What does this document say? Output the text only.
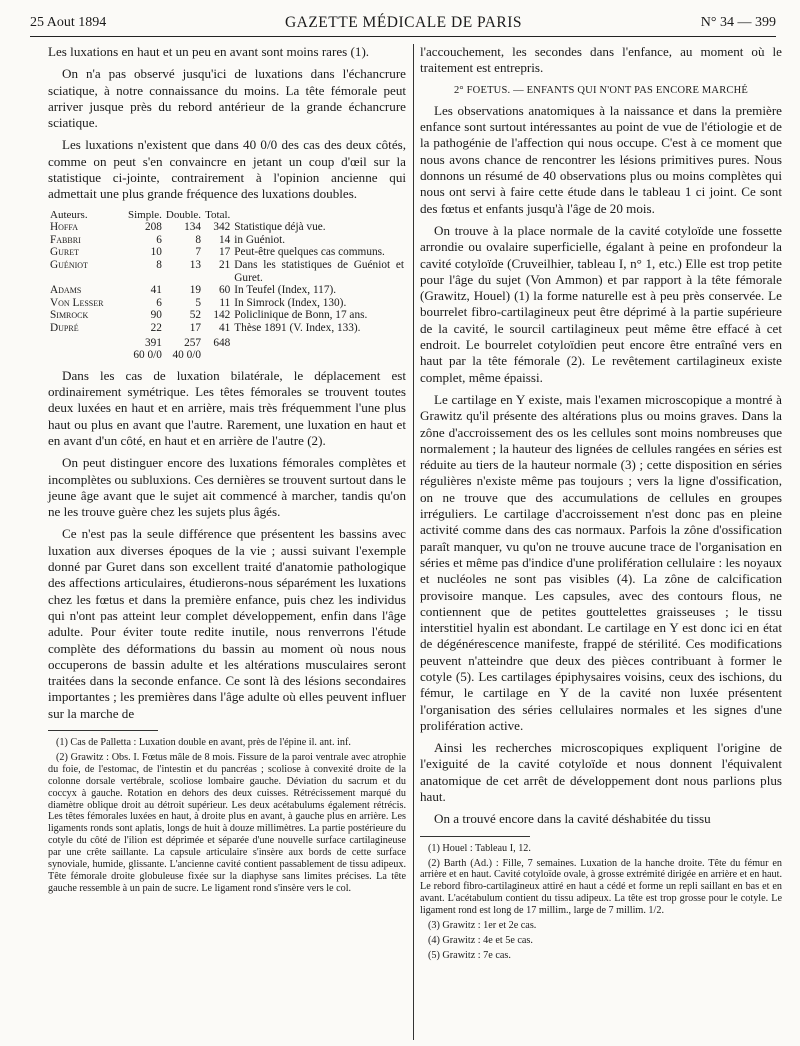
25 Aout 1894	GAZETTE MÉDICALE DE PARIS	N° 34 — 399

Les luxations en haut et un peu en avant sont moins rares (1).

On n'a pas observé jusqu'ici de luxations dans l'échancrure sciatique, à notre connaissance du moins. La tête fémorale peut arriver jusque près du rebord antérieur de la grande échancrure sciatique.

Les luxations n'existent que dans 40 0/0 des cas des deux côtés, comme on peut s'en convaincre en jetant un coup d'œil sur la statistique ci-jointe, contrairement à l'opinion ancienne qui admettait une plus grande fréquence des luxations doubles.

Auteurs.	Simple.	Double.	Total.	
Hoffa	208	134	342	Statistique déjà vue.
Fabbri	6	8	14	in Guéniot.
Guret	10	7	17	Peut-être quelques cas communs.
Guéniot	8	13	21	Dans les statistiques de Guéniot et Guret.
Adams	41	19	60	In Teufel (Index, 117).
Von Lesser	6	5	11	In Simrock (Index, 130).
Simrock	90	52	142	Policlinique de Bonn, 17 ans.
Dupré	22	17	41	Thèse 1891 (V. Index, 133).
	391	257	648	
	60 0/0	40 0/0		

Dans les cas de luxation bilatérale, le déplacement est ordinairement symétrique. Les têtes fémorales se trouvent toutes deux luxées en haut et en arrière, mais très fréquemment l'une plus haut ou plus en avant que l'autre. Rarement, une luxation en haut et en avant d'un côté, en haut et en arrière de l'autre (2).

On peut distinguer encore des luxations fémorales complètes et incomplètes ou subluxions. Ces dernières se trouvent surtout dans le jeune âge avant que le sujet ait commencé à marcher, tandis qu'on ne les trouve guère chez les sujets plus âgés.

Ce n'est pas la seule différence que présentent les bassins avec luxation aux diverses époques de la vie ; aussi suivant l'exemple donné par Guret dans son excellent traité d'anatomie pathologique des affections articulaires, étudierons-nous séparément les luxations chez les fœtus et dans la première enfance, puis chez les individus qui n'ont pas atteint leur complet développement, enfin dans l'âge adulte. Pour éviter toute redite inutile, nous renverrons l'étude complète des déformations du bassin au moment où nous nous occuperons de bassin adulte et les altérations musculaires seront traitées dans la seconde enfance. Ce sont là des lésions secondaires importantes ; les premières dans l'âge adulte où elles peuvent influer sur la marche de

(1) Cas de Palletta : Luxation double en avant, près de l'épine il. ant. inf.

(2) Grawitz : Obs. I. Fœtus mâle de 8 mois. Fissure de la paroi ventrale avec atrophie du foie, de l'estomac, de l'intestin et du pancréas ; scoliose à convexité droite de la colonne dorsale vertébrale, scoliose lombaire gauche. Déviation du sacrum et du coccyx à gauche. Rotation en dehors des deux cuisses. Rétrécissement marqué du diamètre oblique droit au détroit supérieur. Les deux acétabulums également rétrécis. Les têtes fémorales luxées en haut, à droite plus en avant, à gauche plus en arrière. Les ligaments ronds sont aplatis, longs de huit à douze millimètres. La partie postérieure du cotyle du côté de l'ilion est déprimée et séparée d'une nouvelle surface cartilagineuse par une crête saillante. La capsule articulaire s'insère aux bords de cette surface synoviale, humide, glissante. L'ancienne cavité contient passablement de tissu adipeux. Tête fémorale droite globuleuse fixée sur la diaphyse sans limites précises. La tête gauche ressemble à un pain de sucre. Le ligament rond s'insère vers le col.

l'accouchement, les secondes dans l'enfance, au moment où le traitement est entrepris.

2° FOETUS. — ENFANTS QUI N'ONT PAS ENCORE MARCHÉ

Les observations anatomiques à la naissance et dans la première enfance sont surtout intéressantes au point de vue de l'étiologie et de la pathogénie de l'affection qui nous occupe. C'est à ce moment que nous avons chance de rencontrer les lésions primitives pures. Nous donnons un résumé de 40 observations plus ou moins complètes qui nous ont servi à faire cette étude dans le tableau 1 ci joint. Ce sont des fœtus et enfants jusqu'à l'âge de 20 mois.

On trouve à la place normale de la cavité cotyloïde une fossette arrondie ou ovalaire superficielle, égalant à peine en profondeur la cavité cotyloïde (Cruveilhier, tableau I, n° 1, etc.) Elle est trop petite pour l'âge du sujet (Von Ammon) et par rapport à la tête fémorale (Grawitz, Houel) (1) la forme naturelle est à peu près conservée. Le bourrelet fibro-cartilagineux peut être déprimé à la partie supérieure de la cavité, le sourcil cartilagineux peut même être effacé à cet endroit. Le bourrelet cotyloïdien peut encore être entraîné vers en haut par la tête fémorale (2). Le revêtement cartilagineux existe complet, même épaissi.

Le cartilage en Y existe, mais l'examen microscopique a montré à Grawitz qu'il présente des altérations plus ou moins graves. Dans la zône d'accroissement des os les cellules sont moins nombreuses que normalement ; la hauteur des lignées de cellules rangées en séries est réduite au tiers de la hauteur normale (3) ; cette disposition en séries régulières n'existe même pas toujours ; vers la ligne d'ossification, on ne trouve que des accumulations de cellules en groupes irréguliers. Le cartilage d'accroissement n'est donc pas en pleine activité comme dans des cas normaux. Parfois la zône d'ossification paraît manquer, vu qu'on ne trouve aucune trace de l'organisation en séries et même pas d'indice d'une prolifération cellulaire : les noyaux et nucléoles ne sont pas visibles (4). La zône de calcification provisoire manque. Les capsules, avec des contours flous, ne contiennent que de petites gouttelettes graisseuses ; le tissu interstitiel hyalin est abondant. Le cartilage en Y est donc ici en état de dégénérescence manifeste, frappé de stérilité. Ces modifications peuvent n'atteindre que deux des pièces contribuant à former le cotyle (5). Les cartilages épiphysaires voisins, ceux des ischions, du fémur, le cartilage en Y de la cavité non luxée présentent l'organisation des séries cellulaires normales et les signes d'une prolifération active.

Ainsi les recherches microscopiques expliquent l'origine de l'exiguité de la cavité cotyloïde et nous donnent l'équivalent anatomique de cet arrêt de développement dont nous parlions plus haut.

On a trouvé encore dans la cavité déshabitée du tissu

(1) Houel : Tableau I, 12.

(2) Barth (Ad.) : Fille, 7 semaines. Luxation de la hanche droite. Tête du fémur en arrière et en haut. Cavité cotyloïde ovale, à grosse extrémité dirigée en arrière et en haut. Le rebord fibro-cartilagineux attiré en haut a cédé et forme un repli saillant en bas et en avant. L'acétabulum contient du tissu adipeux. La tête est trop grosse pour le cotyle. Le ligament rond est long de 17 millim., large de 7 millim. 1/2.

(3) Grawitz : 1er et 2e cas.

(4) Grawitz : 4e et 5e cas.

(5) Grawitz : 7e cas.
